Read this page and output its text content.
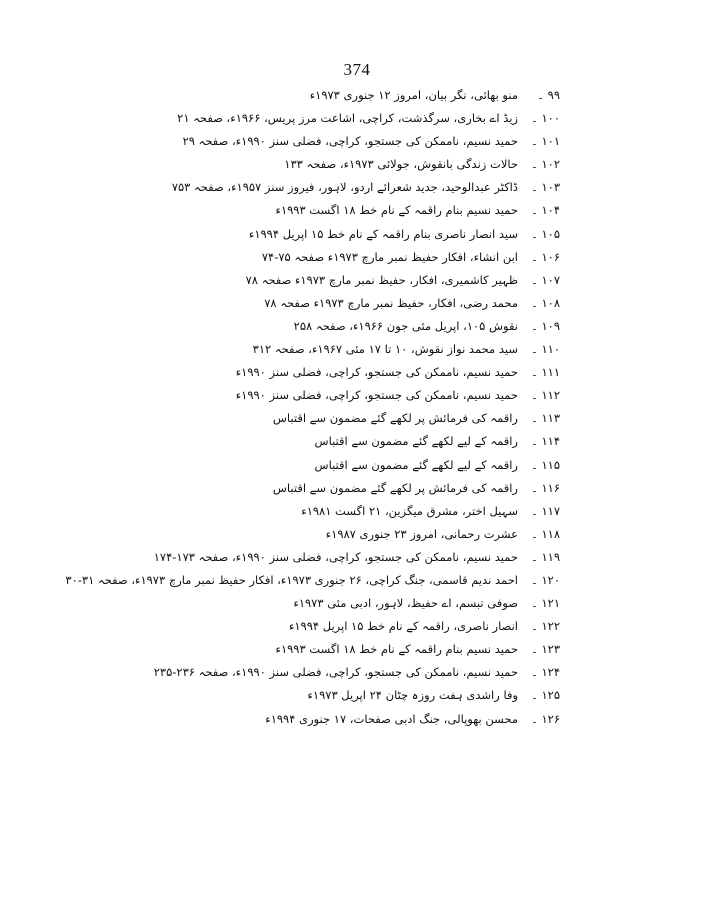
374
منو بھائی، نگر بیان، امروز ۱۲ جنوری ۱۹۷۳ء	۹۹ ۔
زیڈ اے بخاری، سرگذشت، کراچی، اشاعت مرز پریس، ۱۹۶۶ء، صفحہ ۲۱	۱۰۰ ۔
حمید نسیم، ناممکن کی جستجو، کراچی، فضلی سنز ۱۹۹۰ء، صفحہ ۲۹	۱۰۱ ۔
حالات زندگی بانقوش، جولائی ۱۹۷۳ء، صفحہ ۱۳۳	۱۰۲ ۔
ڈاکٹر عبدالوحید، جدید شعرائے اردو، لاہور، فیروز سنز ۱۹۵۷ء، صفحہ ۷۵۳	۱۰۳ ۔
حمید نسیم بنام راقمہ کے نام خط ۱۸ اگست ۱۹۹۳ء	۱۰۴ ۔
سید انصار ناصری بنام راقمہ کے نام خط ۱۵ اپریل ۱۹۹۴ء	۱۰۵ ۔
ابن انشاء، افکار حفیظ نمبر مارچ ۱۹۷۳ء صفحہ ۷۵-۷۴	۱۰۶ ۔
ظہیر کاشمیری، افکار، حفیظ نمبر مارچ ۱۹۷۳ء صفحہ ۷۸	۱۰۷ ۔
محمد رضی، افکار، حفیظ نمبر مارچ ۱۹۷۳ء صفحہ ۷۸	۱۰۸ ۔
نقوش ۱۰۵، اپریل مئی جون ۱۹۶۶ء، صفحہ ۲۵۸	۱۰۹ ۔
سید محمد نواز نقوش، ۱۰ تا ۱۷ مئی ۱۹۶۷ء، صفحہ ۳۱۲	۱۱۰ ۔
حمید نسیم، ناممکن کی جستجو، کراچی، فضلی سنز ۱۹۹۰ء	۱۱۱ ۔
حمید نسیم، ناممکن کی جستجو، کراچی، فضلی سنز ۱۹۹۰ء	۱۱۲ ۔
راقمہ کی فرمائش پر لکھے گئے مضمون سے اقتباس	۱۱۳ ۔
راقمہ کے لیے لکھے گئے مضمون سے اقتباس	۱۱۴ ۔
راقمہ کے لیے لکھے گئے مضمون سے اقتباس	۱۱۵ ۔
راقمہ کی فرمائش پر لکھے گئے مضمون سے اقتباس	۱۱۶ ۔
سہیل اختر، مشرق میگزین، ۲۱ اگست ۱۹۸۱ء	۱۱۷ ۔
عشرت رحمانی، امروز ۲۳ جنوری ۱۹۸۷ء	۱۱۸ ۔
حمید نسیم، ناممکن کی جستجو، کراچی، فضلی سنز ۱۹۹۰ء، صفحہ ۱۷۳-۱۷۴	۱۱۹ ۔
احمد ندیم قاسمی، جنگ کراچی، ۲۶ جنوری ۱۹۷۳ء، افکار حفیظ نمبر مارچ ۱۹۷۳ء، صفحہ ۳۱-۳۰	۱۲۰ ۔
صوفی تبسم، اے حفیظ، لاہور، ادبی مئی ۱۹۷۳ء	۱۲۱ ۔
انصار ناصری، راقمہ کے نام خط ۱۵ اپریل ۱۹۹۴ء	۱۲۲ ۔
حمید نسیم بنام راقمہ کے نام خط ۱۸ اگست ۱۹۹۳ء	۱۲۳ ۔
حمید نسیم، ناممکن کی جستجو، کراچی، فضلی سنز ۱۹۹۰ء، صفحہ ۲۳۶-۲۳۵	۱۲۴ ۔
وفا راشدی ہفت روزہ چٹان ۲۴ اپریل ۱۹۷۳ء	۱۲۵ ۔
محسن بھوپالی، جنگ ادبی صفحات، ۱۷ جنوری ۱۹۹۴ء	۱۲۶ ۔
